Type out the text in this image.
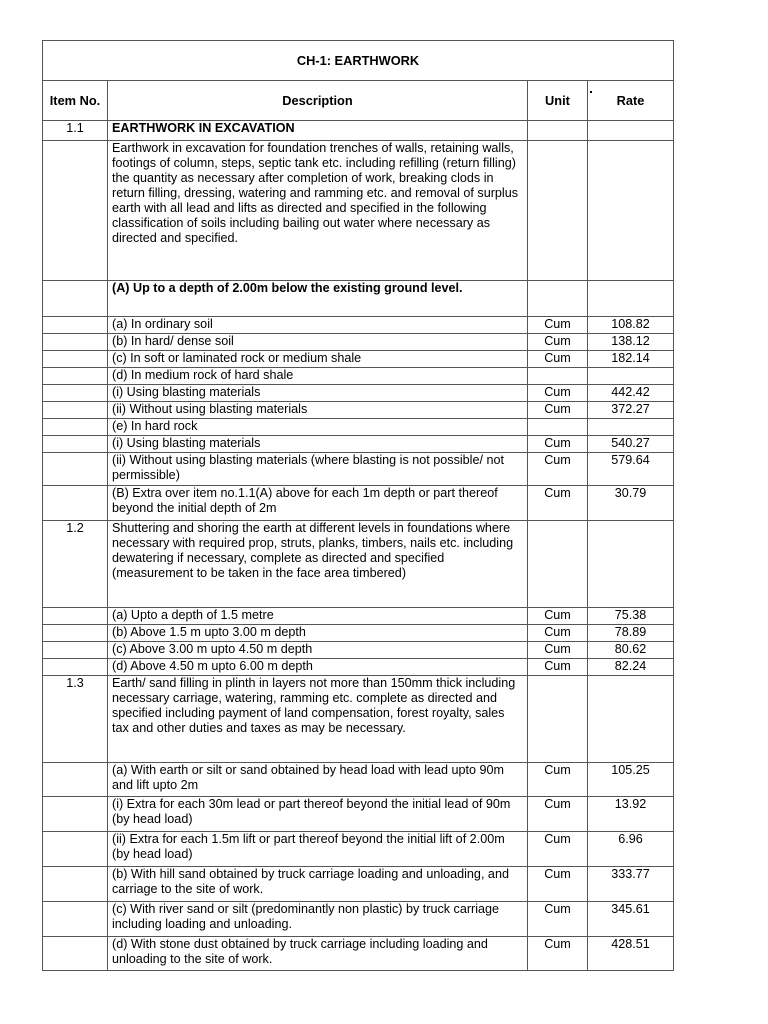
CH-1: EARTHWORK			
Item No.	Description	Unit	Rate
1.1	EARTHWORK IN EXCAVATION		
	Earthwork in excavation for foundation trenches of walls, retaining walls, footings of column, steps, septic tank etc. including refilling (return filling) the quantity as necessary after completion of work, breaking clods in return filling, dressing, watering and ramming etc. and removal of surplus earth with all lead and lifts as directed and specified in the following classification of soils including bailing out water where necessary as directed and specified.		
	(A) Up to a depth of 2.00m below the existing ground level.		
	(a) In ordinary soil	Cum	108.82
	(b) In hard/ dense soil	Cum	138.12
	(c) In soft or laminated rock or medium shale	Cum	182.14
	(d) In medium rock of hard shale		
	(i) Using blasting materials	Cum	442.42
	(ii) Without using blasting materials	Cum	372.27
	(e) In hard rock		
	(i) Using blasting materials	Cum	540.27
	(ii) Without using blasting materials (where blasting is not possible/ not permissible)	Cum	579.64
	(B) Extra over item no.1.1(A) above for each 1m depth or part thereof beyond the initial depth of 2m	Cum	30.79
1.2	Shuttering and shoring the earth at different levels in foundations where necessary with required prop, struts, planks, timbers, nails etc. including dewatering if necessary, complete as directed and specified (measurement to be taken in the face area timbered)		
	(a) Upto a depth of 1.5 metre	Cum	75.38
	(b) Above 1.5 m upto 3.00 m depth	Cum	78.89
	(c) Above 3.00 m upto 4.50 m depth	Cum	80.62
	(d) Above 4.50 m upto 6.00 m depth	Cum	82.24
1.3	Earth/ sand filling in plinth in layers not more than 150mm thick including necessary carriage, watering, ramming etc. complete as directed and specified including payment of land compensation, forest royalty, sales tax and other duties and taxes as may be necessary.		
	(a) With earth or silt or sand obtained by head load with lead upto 90m and lift upto 2m	Cum	105.25
	(i) Extra for each 30m lead or part thereof beyond the initial lead of 90m (by head load)	Cum	13.92
	(ii) Extra for each 1.5m lift or part thereof beyond the initial lift of 2.00m (by head load)	Cum	6.96
	(b) With hill sand obtained by truck carriage loading and unloading, and carriage to the site of work.	Cum	333.77
	(c) With river sand or silt (predominantly non plastic) by truck carriage including loading and unloading.	Cum	345.61
	(d) With stone dust obtained by truck carriage including loading and unloading to the site of work.	Cum	428.51
